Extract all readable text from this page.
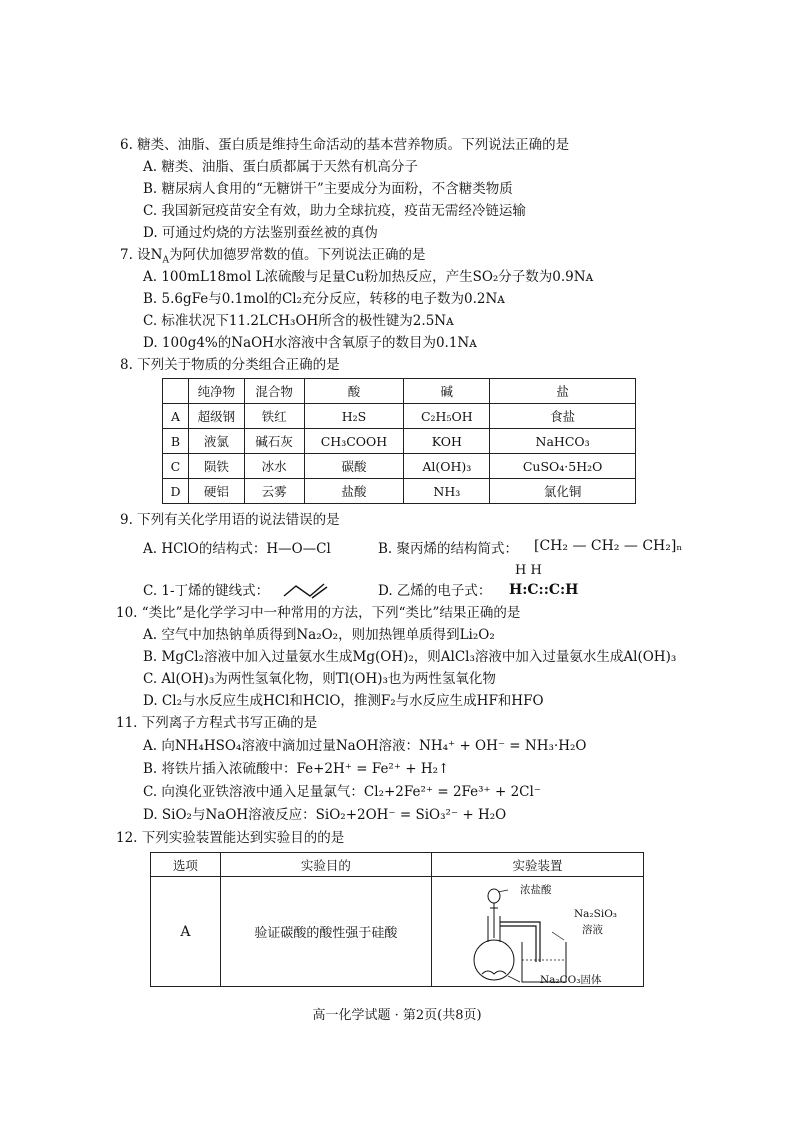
6. 糖类、油脂、蛋白质是维持生命活动的基本营养物质。下列说法正确的是
A. 糖类、油脂、蛋白质都属于天然有机高分子
B. 糖尿病人食用的“无糖饼干”主要成分为面粉，不含糖类物质
C. 我国新冠疫苗安全有效，助力全球抗疫，疫苗无需经冷链运输
D. 可通过灼烧的方法鉴别蚕丝被的真伪
7. 设$N_A$为阿伏加德罗常数的值。下列说法正确的是
A. 100mL18mol L浓硫酸与足量Cu粉加热反应，产生SO₂分子数为0.9Nᴀ
B. 5.6gFe与0.1mol的Cl₂充分反应，转移的电子数为0.2Nᴀ
C. 标准状况下11.2LCH₃OH所含的极性键为2.5Nᴀ
D. 100g4%的NaOH水溶液中含氧原子的数目为0.1Nᴀ
8. 下列关于物质的分类组合正确的是
	纯净物	混合物	酸	碱	盐
A	超级钢	铁红	H₂S	C₂H₅OH	食盐
B	液氯	碱石灰	CH₃COOH	KOH	NaHCO₃
C	陨铁	冰水	碳酸	Al(OH)₃	CuSO₄·5H₂O
D	硬铝	云雾	盐酸	NH₃	氯化铜
9. 下列有关化学用语的说法错误的是
A. HClO的结构式：H—O—Cl	B. 聚丙烯的结构简式： [CH₂ — CH₂ — CH₂]ₙ
C. 1-丁烯的键线式：	D. 乙烯的电子式：
H H
H:C::C:H
10. “类比”是化学学习中一种常用的方法，下列“类比”结果正确的是
A. 空气中加热钠单质得到Na₂O₂，则加热锂单质得到Li₂O₂
B. MgCl₂溶液中加入过量氨水生成Mg(OH)₂，则AlCl₃溶液中加入过量氨水生成Al(OH)₃
C. Al(OH)₃为两性氢氧化物，则Tl(OH)₃也为两性氢氧化物
D. Cl₂与水反应生成HCl和HClO，推测F₂与水反应生成HF和HFO
11. 下列离子方程式书写正确的是
A. 向NH₄HSO₄溶液中滴加过量NaOH溶液：NH₄⁺ + OH⁻ = NH₃·H₂O
B. 将铁片插入浓硫酸中：Fe+2H⁺ = Fe²⁺ + H₂↑
C. 向溴化亚铁溶液中通入足量氯气：Cl₂+2Fe²⁺ = 2Fe³⁺ + 2Cl⁻
D. SiO₂与NaOH溶液反应：SiO₂+2OH⁻ = SiO₃²⁻ + H₂O
12. 下列实验装置能达到实验目的的是
选项	实验目的	实验装置
A	验证碳酸的酸性强于硅酸	浓盐酸
Na₂SiO₃
溶液
Na₂CO₃固体
高一化学试题 · 第2页(共8页)
